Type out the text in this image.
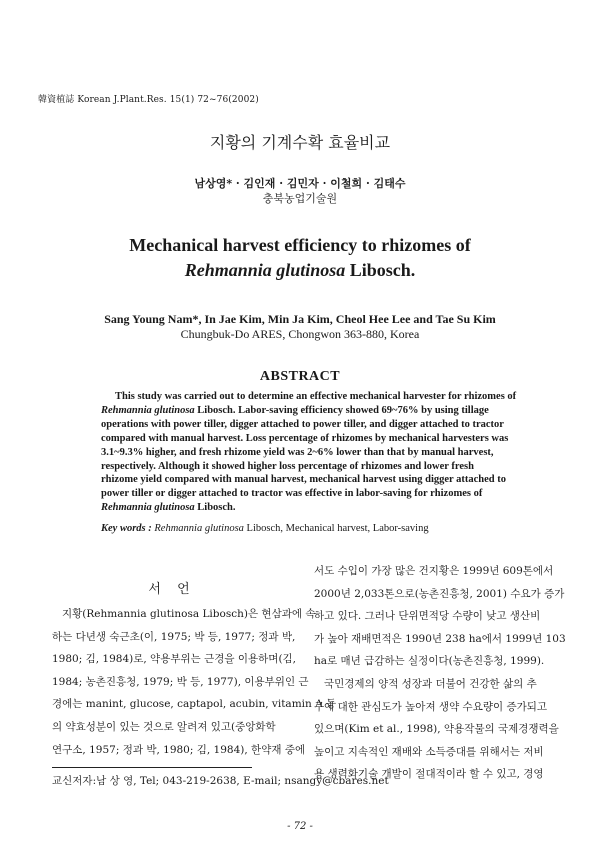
韓資植誌 Korean J.Plant.Res. 15(1) 72~76(2002)
지황의 기계수확 효율비교
남상영* · 김인재 · 김민자 · 이철희 · 김태수
충북농업기술원
Mechanical harvest efficiency to rhizomes of
Rehmannia glutinosa Libosch.
Sang Young Nam*, In Jae Kim, Min Ja Kim, Cheol Hee Lee and Tae Su Kim
Chungbuk-Do ARES, Chongwon 363-880, Korea
ABSTRACT
This study was carried out to determine an effective mechanical harvester for rhizomes of
Rehmannia glutinosa Libosch. Labor-saving efficiency showed 69~76% by using tillage
operations with power tiller, digger attached to power tiller, and digger attached to tractor
compared with manual harvest. Loss percentage of rhizomes by mechanical harvesters was
3.1~9.3% higher, and fresh rhizome yield was 2~6% lower than that by manual harvest,
respectively. Although it showed higher loss percentage of rhizomes and lower fresh
rhizome yield compared with manual harvest, mechanical harvest using digger attached to
power tiller or digger attached to tractor was effective in labor-saving for rhizomes of
Rehmannia glutinosa Libosch.
Key words : Rehmannia glutinosa Libosch, Mechanical harvest, Labor-saving
서 언
지황(Rehmannia glutinosa Libosch)은 현삼과에 속
하는 다년생 숙근초(이, 1975; 박 등, 1977; 정과 박,
1980; 김, 1984)로, 약용부위는 근경을 이용하며(김,
1984; 농촌진흥청, 1979; 박 등, 1977), 이용부위인 근
경에는 manint, glucose, captapol, acubin, vitamin A 등
의 약효성분이 있는 것으로 알려져 있고(중앙화학
연구소, 1957; 정과 박, 1980; 김, 1984), 한약재 중에
서도 수입이 가장 많은 건지황은 1999년 609톤에서
2000년 2,033톤으로(농촌진흥청, 2001) 수요가 증가
하고 있다. 그러나 단위면적당 수량이 낮고 생산비
가 높아 재배면적은 1990년 238 ha에서 1999년 103
ha로 매년 급감하는 실정이다(농촌진흥청, 1999).
국민경제의 양적 성장과 더불어 건강한 삶의 추
구에 대한 관심도가 높아져 생약 수요량이 증가되고
있으며(Kim et al., 1998), 약용작물의 국제경쟁력을
높이고 지속적인 재배와 소득증대를 위해서는 저비
용 생력화기술 개발이 절대적이라 할 수 있고, 경영
교신저자:남 상 영, Tel; 043-219-2638, E-mail; nsangy@cbares.net
- 72 -
